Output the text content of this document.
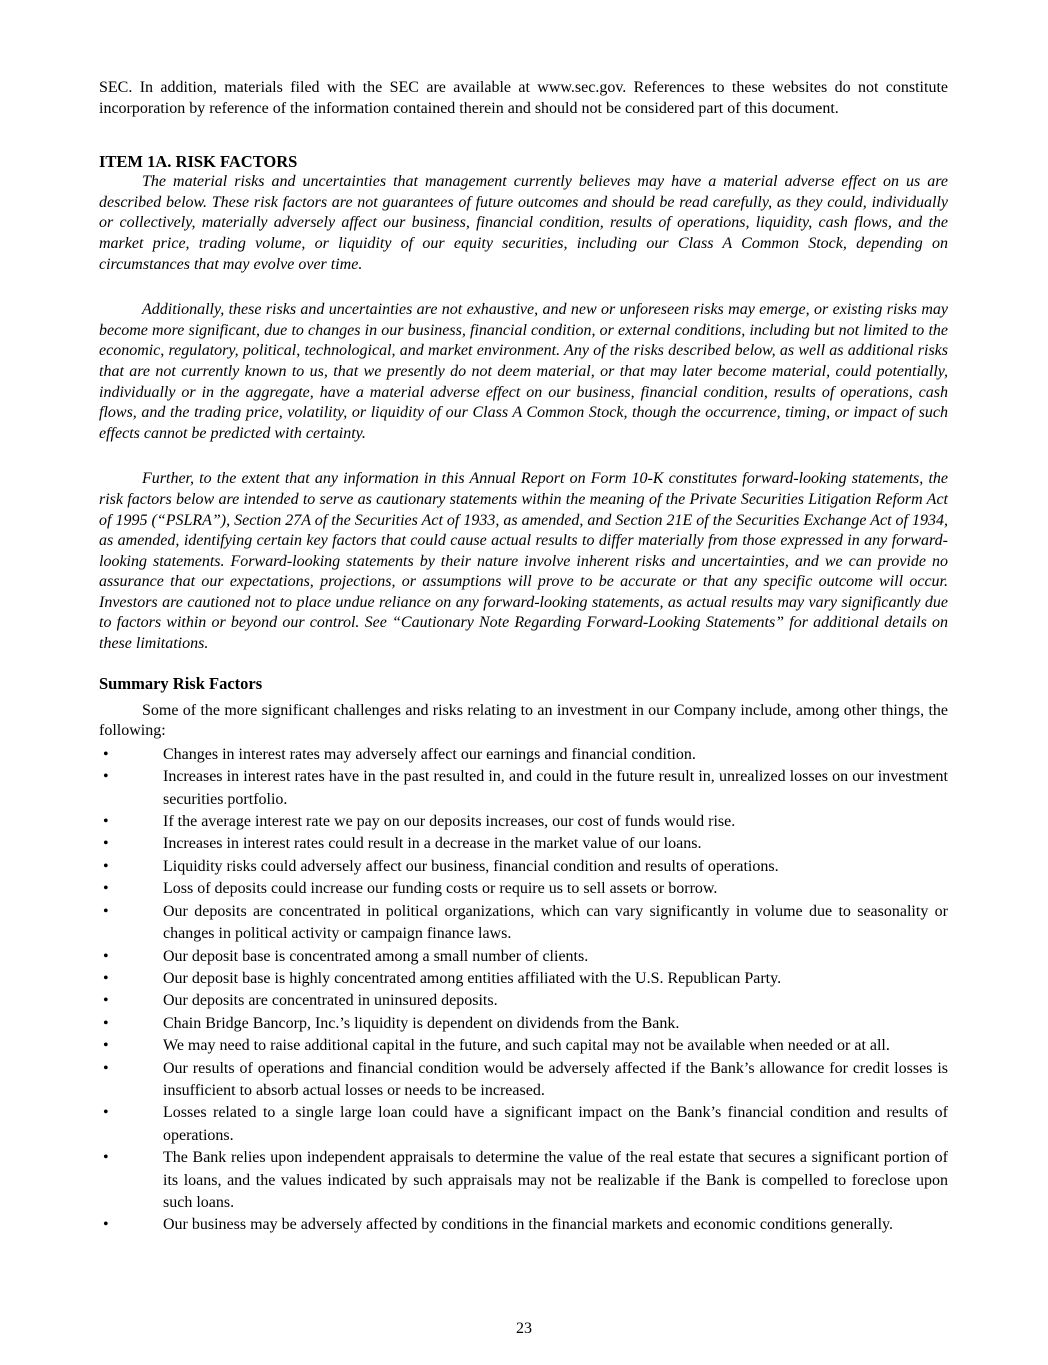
SEC. In addition, materials filed with the SEC are available at www.sec.gov. References to these websites do not constitute incorporation by reference of the information contained therein and should not be considered part of this document.

ITEM 1A. RISK FACTORS

The material risks and uncertainties that management currently believes may have a material adverse effect on us are described below. These risk factors are not guarantees of future outcomes and should be read carefully, as they could, individually or collectively, materially adversely affect our business, financial condition, results of operations, liquidity, cash flows, and the market price, trading volume, or liquidity of our equity securities, including our Class A Common Stock, depending on circumstances that may evolve over time.

Additionally, these risks and uncertainties are not exhaustive, and new or unforeseen risks may emerge, or existing risks may become more significant, due to changes in our business, financial condition, or external conditions, including but not limited to the economic, regulatory, political, technological, and market environment. Any of the risks described below, as well as additional risks that are not currently known to us, that we presently do not deem material, or that may later become material, could potentially, individually or in the aggregate, have a material adverse effect on our business, financial condition, results of operations, cash flows, and the trading price, volatility, or liquidity of our Class A Common Stock, though the occurrence, timing, or impact of such effects cannot be predicted with certainty.

Further, to the extent that any information in this Annual Report on Form 10-K constitutes forward-looking statements, the risk factors below are intended to serve as cautionary statements within the meaning of the Private Securities Litigation Reform Act of 1995 (“PSLRA”), Section 27A of the Securities Act of 1933, as amended, and Section 21E of the Securities Exchange Act of 1934, as amended, identifying certain key factors that could cause actual results to differ materially from those expressed in any forward-looking statements. Forward-looking statements by their nature involve inherent risks and uncertainties, and we can provide no assurance that our expectations, projections, or assumptions will prove to be accurate or that any specific outcome will occur. Investors are cautioned not to place undue reliance on any forward-looking statements, as actual results may vary significantly due to factors within or beyond our control. See “Cautionary Note Regarding Forward-Looking Statements” for additional details on these limitations.

Summary Risk Factors

Some of the more significant challenges and risks relating to an investment in our Company include, among other things, the following:

•	Changes in interest rates may adversely affect our earnings and financial condition.
•	Increases in interest rates have in the past resulted in, and could in the future result in, unrealized losses on our investment securities portfolio.
•	If the average interest rate we pay on our deposits increases, our cost of funds would rise.
•	Increases in interest rates could result in a decrease in the market value of our loans.
•	Liquidity risks could adversely affect our business, financial condition and results of operations.
•	Loss of deposits could increase our funding costs or require us to sell assets or borrow.
•	Our deposits are concentrated in political organizations, which can vary significantly in volume due to seasonality or changes in political activity or campaign finance laws.
•	Our deposit base is concentrated among a small number of clients.
•	Our deposit base is highly concentrated among entities affiliated with the U.S. Republican Party.
•	Our deposits are concentrated in uninsured deposits.
•	Chain Bridge Bancorp, Inc.’s liquidity is dependent on dividends from the Bank.
•	We may need to raise additional capital in the future, and such capital may not be available when needed or at all.
•	Our results of operations and financial condition would be adversely affected if the Bank’s allowance for credit losses is insufficient to absorb actual losses or needs to be increased.
•	Losses related to a single large loan could have a significant impact on the Bank’s financial condition and results of operations.
•	The Bank relies upon independent appraisals to determine the value of the real estate that secures a significant portion of its loans, and the values indicated by such appraisals may not be realizable if the Bank is compelled to foreclose upon such loans.
•	Our business may be adversely affected by conditions in the financial markets and economic conditions generally.
23
